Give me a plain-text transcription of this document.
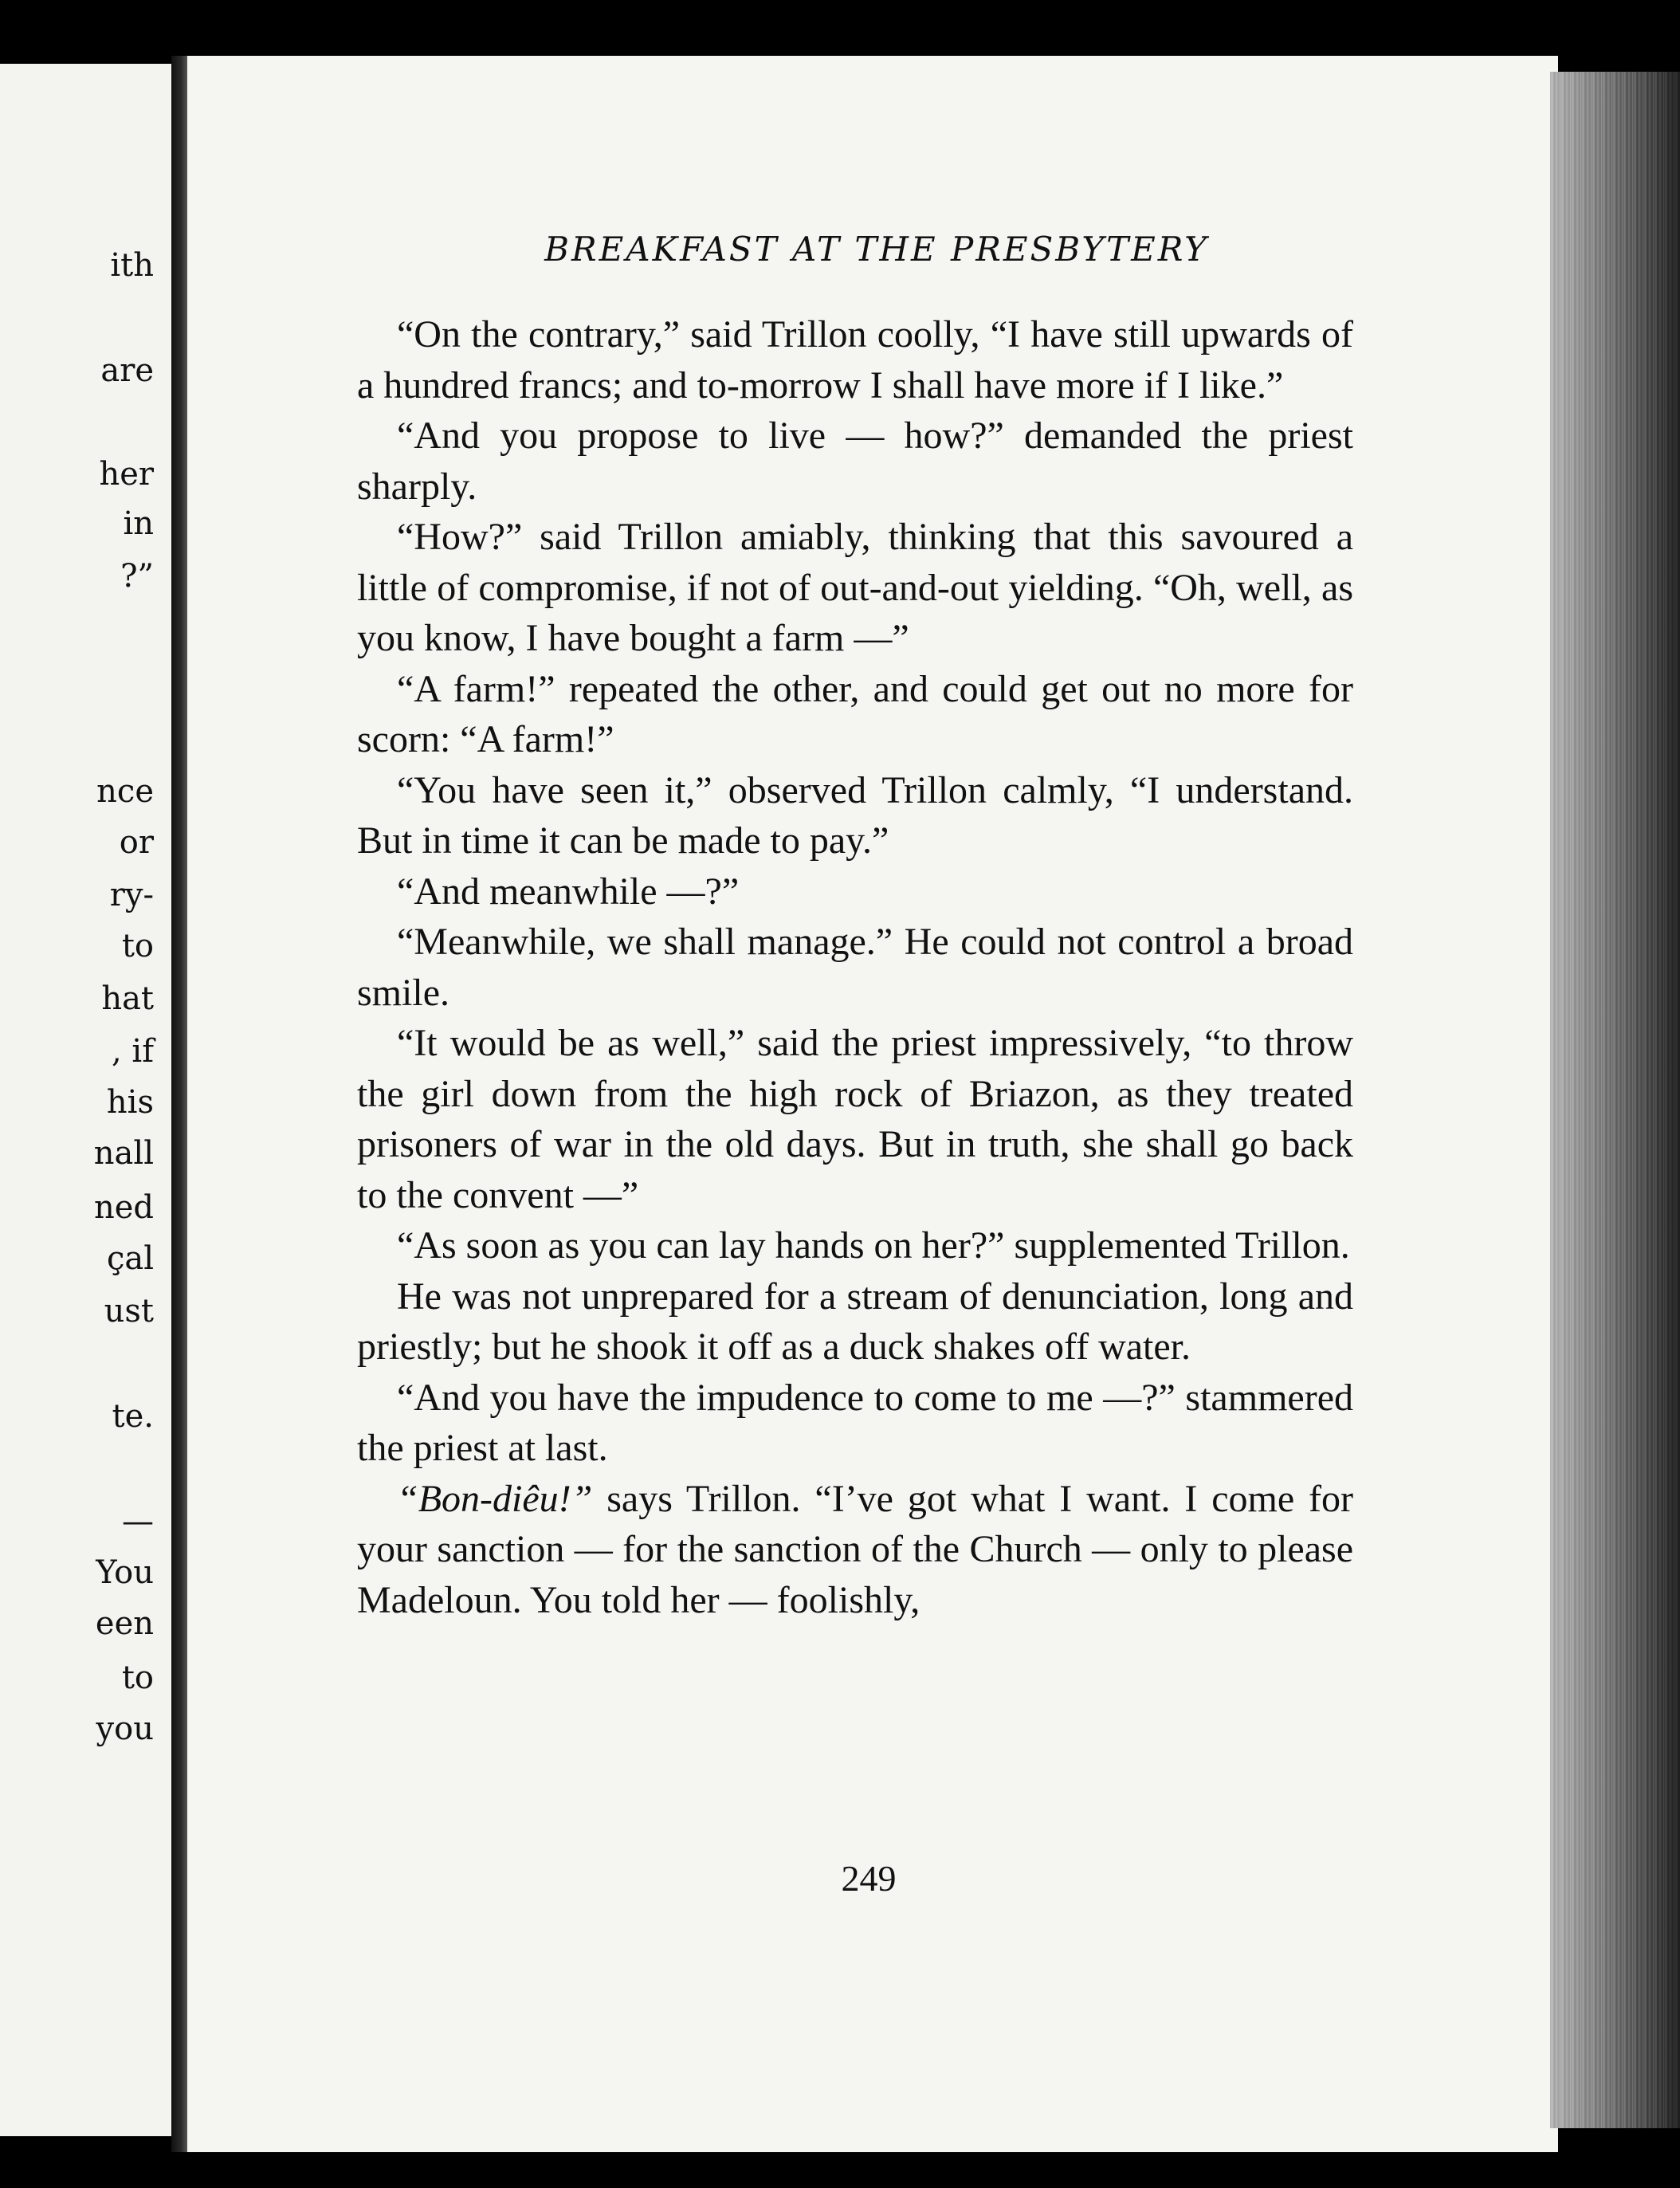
ith
are
her
in
?”
nce
or
ry-
to
hat
, if
his
nall
ned
çal
ust
te.
—
You
een
to
you
BREAKFAST AT THE PRESBYTERY

“On the contrary,” said Trillon coolly, “I have still upwards of a hundred francs; and to-morrow I shall have more if I like.”

“And you propose to live — how?” demanded the priest sharply.

“How?” said Trillon amiably, thinking that this savoured a little of compromise, if not of out-and-out yielding. “Oh, well, as you know, I have bought a farm —”

“A farm!” repeated the other, and could get out no more for scorn: “A farm!”

“You have seen it,” observed Trillon calmly, “I understand. But in time it can be made to pay.”

“And meanwhile —?”

“Meanwhile, we shall manage.” He could not control a broad smile.

“It would be as well,” said the priest impressively, “to throw the girl down from the high rock of Briazon, as they treated prisoners of war in the old days. But in truth, she shall go back to the convent —”

“As soon as you can lay hands on her?” supplemented Trillon.

He was not unprepared for a stream of denunciation, long and priestly; but he shook it off as a duck shakes off water.

“And you have the impudence to come to me —?” stammered the priest at last.

“Bon-diêu!” says Trillon. “I’ve got what I want. I come for your sanction — for the sanction of the Church — only to please Madeloun. You told her — foolishly,

249
